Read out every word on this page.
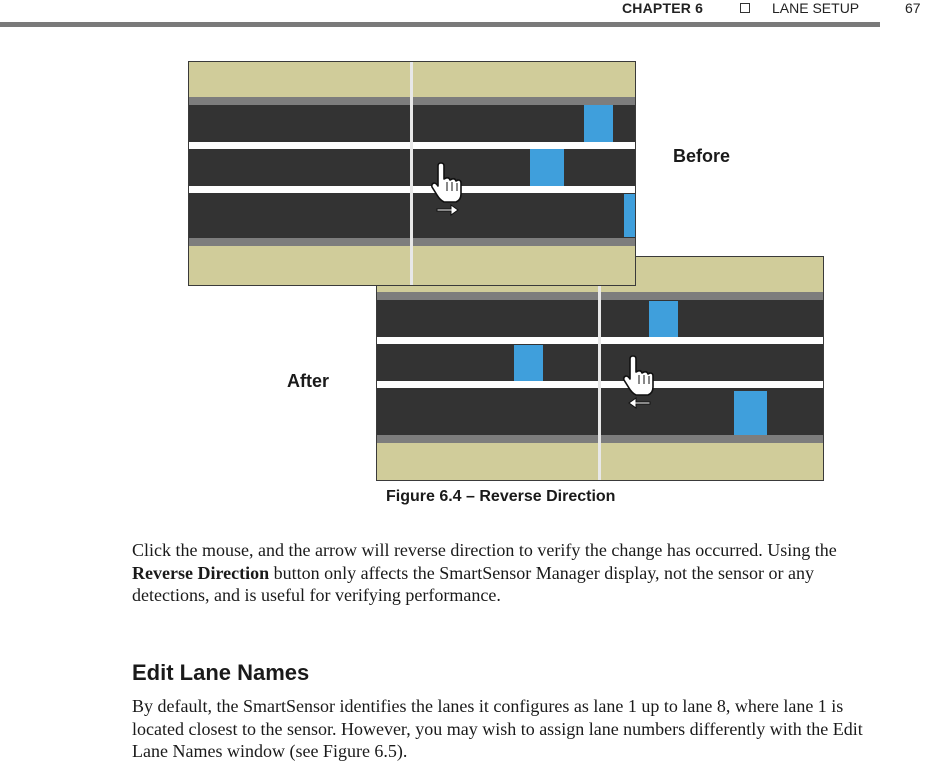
CHAPTER 6	LANE SETUP	67
Before
After
Figure 6.4 – Reverse Direction
Click the mouse, and the arrow will reverse direction to verify the change has occurred. Using the Reverse Direction button only affects the SmartSensor Manager display, not the sensor or any detections, and is useful for verifying performance.
Edit Lane Names
By default, the SmartSensor identifies the lanes it configures as lane 1 up to lane 8, where lane 1 is located closest to the sensor. However, you may wish to assign lane numbers differently with the Edit Lane Names window (see Figure 6.5).
